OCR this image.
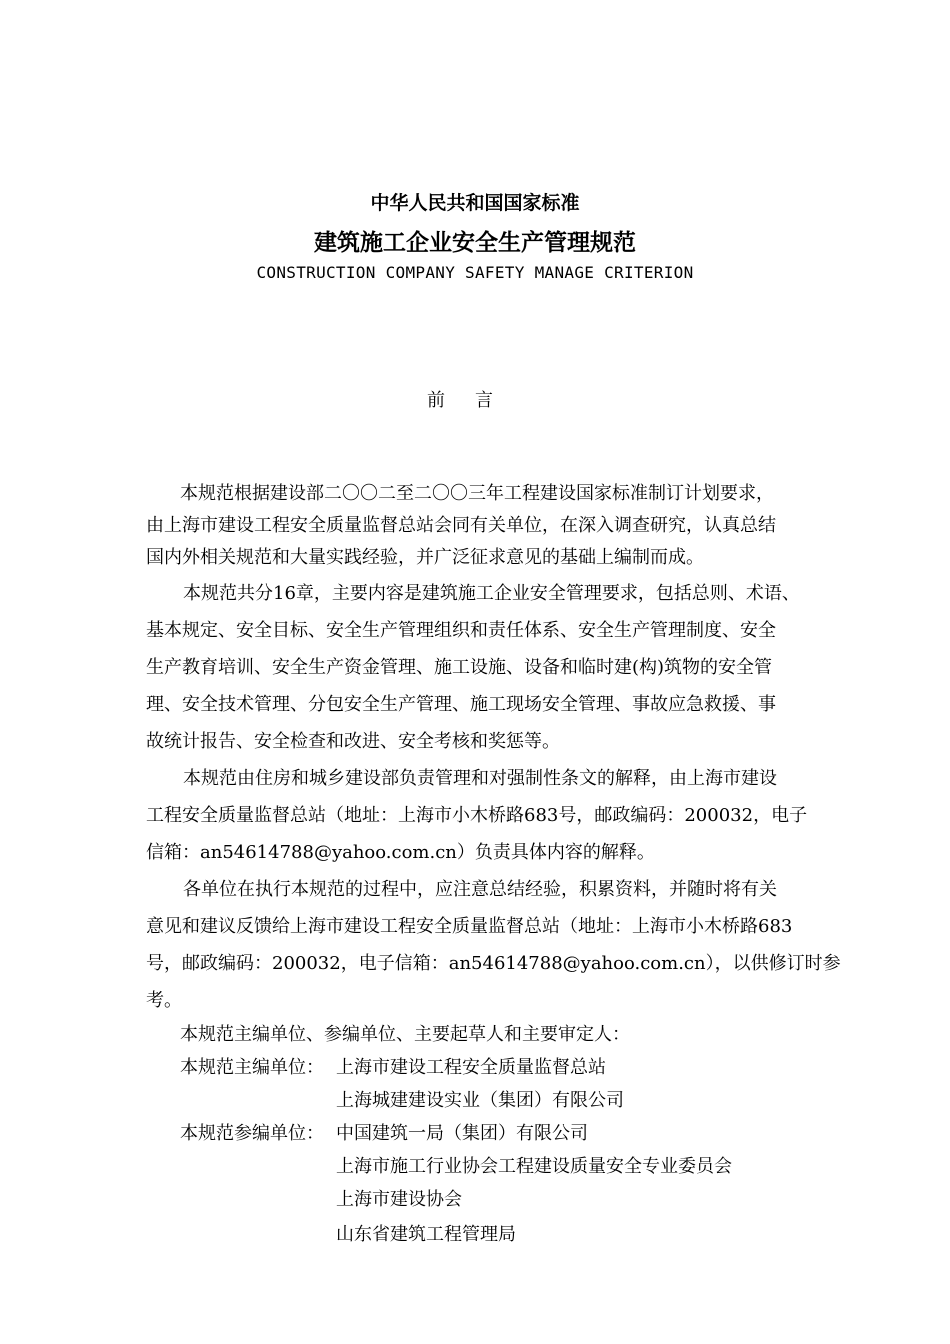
中华人民共和国国家标准
建筑施工企业安全生产管理规范
CONSTRUCTION COMPANY SAFETY MANAGE CRITERION
前言
本规范根据建设部二〇〇二至二〇〇三年工程建设国家标准制订计划要求，
由上海市建设工程安全质量监督总站会同有关单位，在深入调查研究，认真总结
国内外相关规范和大量实践经验，并广泛征求意见的基础上编制而成。
本规范共分16章，主要内容是建筑施工企业安全管理要求，包括总则、术语、
基本规定、安全目标、安全生产管理组织和责任体系、安全生产管理制度、安全
生产教育培训、安全生产资金管理、施工设施、设备和临时建(构)筑物的安全管
理、安全技术管理、分包安全生产管理、施工现场安全管理、事故应急救援、事
故统计报告、安全检查和改进、安全考核和奖惩等。
本规范由住房和城乡建设部负责管理和对强制性条文的解释，由上海市建设
工程安全质量监督总站（地址：上海市小木桥路683号，邮政编码：200032，电子
信箱：an54614788@yahoo.com.cn）负责具体内容的解释。
各单位在执行本规范的过程中，应注意总结经验，积累资料，并随时将有关
意见和建议反馈给上海市建设工程安全质量监督总站（地址：上海市小木桥路683
号，邮政编码：200032，电子信箱：an54614788@yahoo.com.cn），以供修订时参
考。
本规范主编单位、参编单位、主要起草人和主要审定人：
本规范主编单位： 上海市建设工程安全质量监督总站
上海城建建设实业（集团）有限公司
本规范参编单位： 中国建筑一局（集团）有限公司
上海市施工行业协会工程建设质量安全专业委员会
上海市建设协会
山东省建筑工程管理局
